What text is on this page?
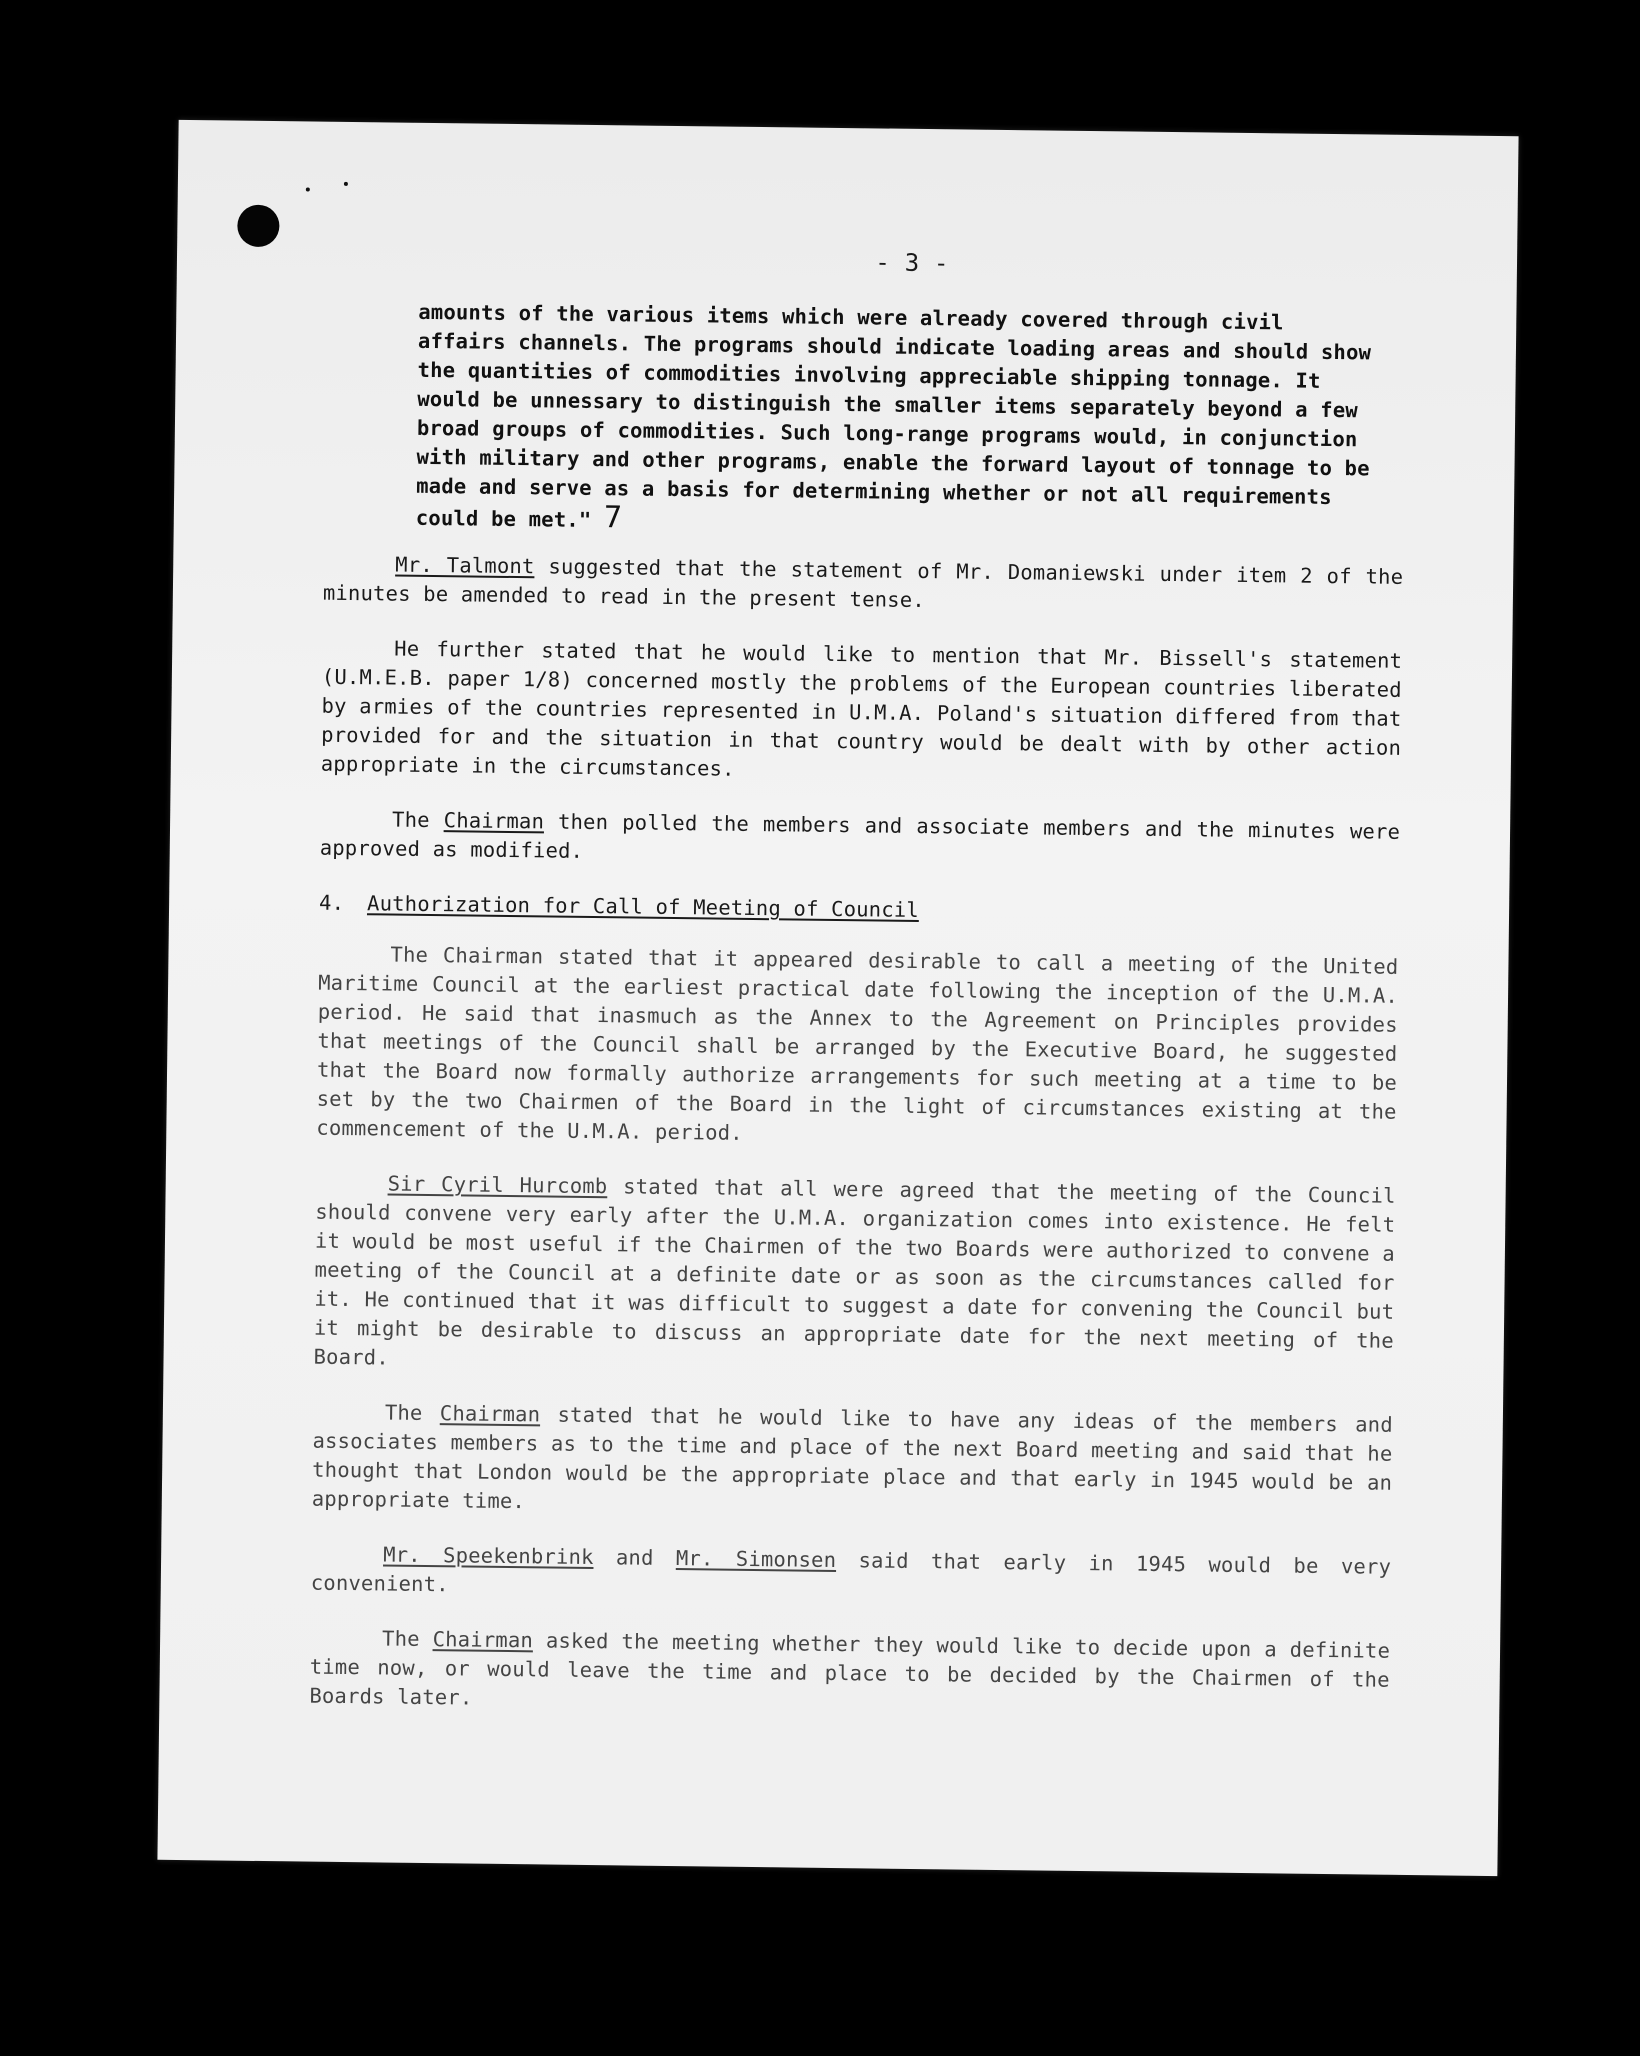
- 3 -
amounts of the various items which were already covered through civil affairs channels. The programs should indicate loading areas and should show the quantities of commodities involving appreciable shipping tonnage. It would be unnessary to distinguish the smaller items separately beyond a few broad groups of commodities. Such long-range programs would, in conjunction with military and other programs, enable the forward layout of tonnage to be made and serve as a basis for determining whether or not all requirements could be met." 7

Mr. Talmont suggested that the statement of Mr. Domaniewski under item 2 of the minutes be amended to read in the present tense.

He further stated that he would like to mention that Mr. Bissell's statement (U.M.E.B. paper 1/8) concerned mostly the problems of the European countries liberated by armies of the countries represented in U.M.A. Poland's situation differed from that provided for and the situation in that country would be dealt with by other action appropriate in the circumstances.

The Chairman then polled the members and associate members and the minutes were approved as modified.

4. Authorization for Call of Meeting of Council

The Chairman stated that it appeared desirable to call a meeting of the United Maritime Council at the earliest practical date following the inception of the U.M.A. period. He said that inasmuch as the Annex to the Agreement on Principles provides that meetings of the Council shall be arranged by the Executive Board, he suggested that the Board now formally authorize arrangements for such meeting at a time to be set by the two Chairmen of the Board in the light of circumstances existing at the commencement of the U.M.A. period.

Sir Cyril Hurcomb stated that all were agreed that the meeting of the Council should convene very early after the U.M.A. organization comes into existence. He felt it would be most useful if the Chairmen of the two Boards were authorized to convene a meeting of the Council at a definite date or as soon as the circumstances called for it. He continued that it was difficult to suggest a date for convening the Council but it might be desirable to discuss an appropriate date for the next meeting of the Board.

The Chairman stated that he would like to have any ideas of the members and associates members as to the time and place of the next Board meeting and said that he thought that London would be the appropriate place and that early in 1945 would be an appropriate time.

Mr. Speekenbrink and Mr. Simonsen said that early in 1945 would be very convenient.

The Chairman asked the meeting whether they would like to decide upon a definite time now, or would leave the time and place to be decided by the Chairmen of the Boards later.
